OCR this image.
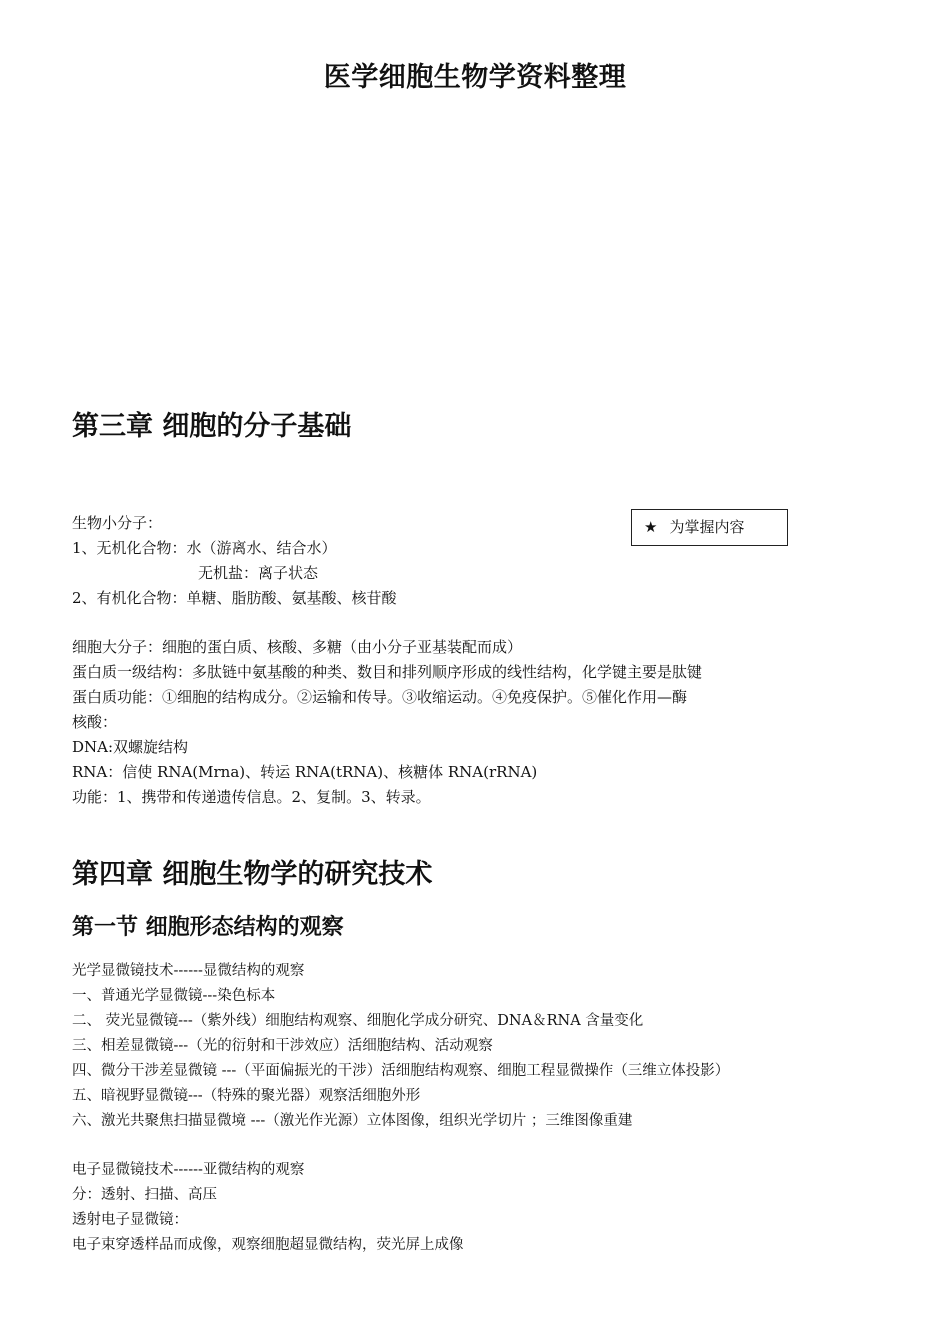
医学细胞生物学资料整理
第三章 细胞的分子基础
★ 为掌握内容
生物小分子：
1、无机化合物：水（游离水、结合水）
无机盐：离子状态
2、有机化合物：单糖、脂肪酸、氨基酸、核苷酸
细胞大分子：细胞的蛋白质、核酸、多糖（由小分子亚基装配而成）
蛋白质一级结构：多肽链中氨基酸的种类、数目和排列顺序形成的线性结构，化学键主要是肽键
蛋白质功能：①细胞的结构成分。②运输和传导。③收缩运动。④免疫保护。⑤催化作用—酶
核酸：
DNA:双螺旋结构
RNA：信使 RNA(Mrna)、转运 RNA(tRNA)、核糖体 RNA(rRNA)
功能：1、携带和传递遗传信息。2、复制。3、转录。
第四章 细胞生物学的研究技术
第一节 细胞形态结构的观察
光学显微镜技术------显微结构的观察
一、普通光学显微镜---染色标本
二、 荧光显微镜---（紫外线）细胞结构观察、细胞化学成分研究、DNA＆RNA 含量变化
三、相差显微镜---（光的衍射和干涉效应）活细胞结构、活动观察
四、微分干涉差显微镜 ---（平面偏振光的干涉）活细胞结构观察、细胞工程显微操作（三维立体投影）
五、暗视野显微镜---（特殊的聚光器）观察活细胞外形
六、激光共聚焦扫描显微境 ---（激光作光源）立体图像，组织光学切片 ；三维图像重建
电子显微镜技术------亚微结构的观察
分：透射、扫描、高压
透射电子显微镜：
电子束穿透样品而成像，观察细胞超显微结构，荧光屏上成像
